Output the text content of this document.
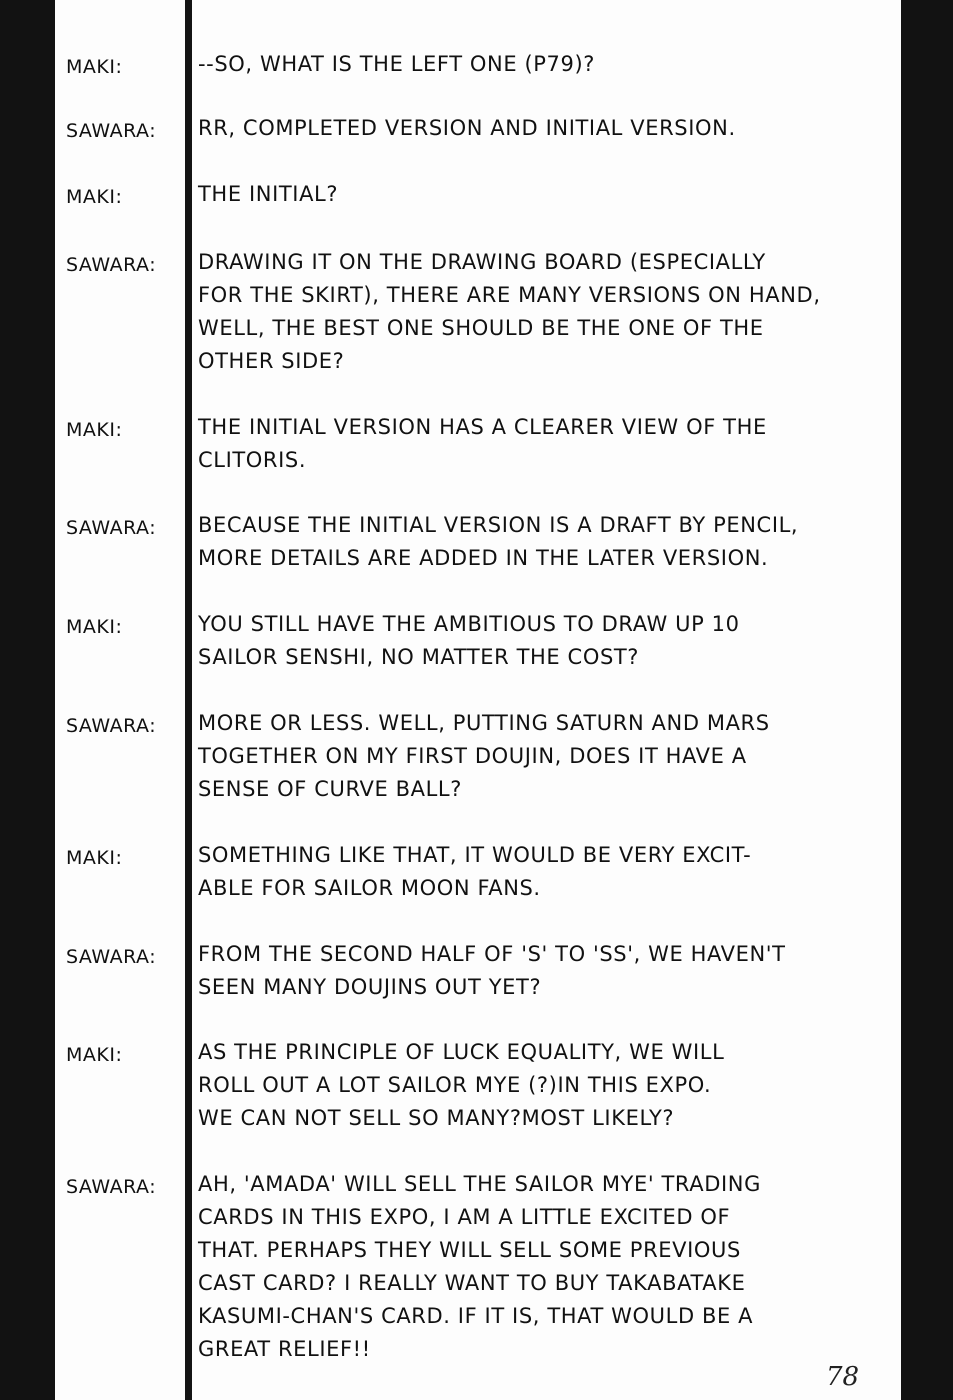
MAKI:	--SO, WHAT IS THE LEFT ONE (P79)?
SAWARA: RR, COMPLETED VERSION AND INITIAL VERSION.
MAKI:	THE INITIAL?
SAWARA: DRAWING IT ON THE DRAWING BOARD (ESPECIALLY
FOR THE SKIRT), THERE ARE MANY VERSIONS ON HAND,
WELL, THE BEST ONE SHOULD BE THE ONE OF THE
OTHER SIDE?
MAKI:	THE INITIAL VERSION HAS A CLEARER VIEW OF THE
CLITORIS.
SAWARA: BECAUSE THE INITIAL VERSION IS A DRAFT BY PENCIL,
MORE DETAILS ARE ADDED IN THE LATER VERSION.
MAKI:	YOU STILL HAVE THE AMBITIOUS TO DRAW UP 10
SAILOR SENSHI, NO MATTER THE COST?
SAWARA: MORE OR LESS. WELL, PUTTING SATURN AND MARS
TOGETHER ON MY FIRST DOUJIN, DOES IT HAVE A
SENSE OF CURVE BALL?
MAKI:	SOMETHING LIKE THAT, IT WOULD BE VERY EXCIT-
ABLE FOR SAILOR MOON FANS.
SAWARA: FROM THE SECOND HALF OF 'S' TO 'SS', WE HAVEN'T
SEEN MANY DOUJINS OUT YET?
MAKI:	AS THE PRINCIPLE OF LUCK EQUALITY, WE WILL
ROLL OUT A LOT SAILOR MYE (?)IN THIS EXPO.
WE CAN NOT SELL SO MANY?MOST LIKELY?
SAWARA: AH, 'AMADA' WILL SELL THE SAILOR MYE' TRADING
CARDS IN THIS EXPO, I AM A LITTLE EXCITED OF
THAT. PERHAPS THEY WILL SELL SOME PREVIOUS
CAST CARD? I REALLY WANT TO BUY TAKABATAKE
KASUMI-CHAN'S CARD. IF IT IS, THAT WOULD BE A
GREAT RELIEF!!
78
